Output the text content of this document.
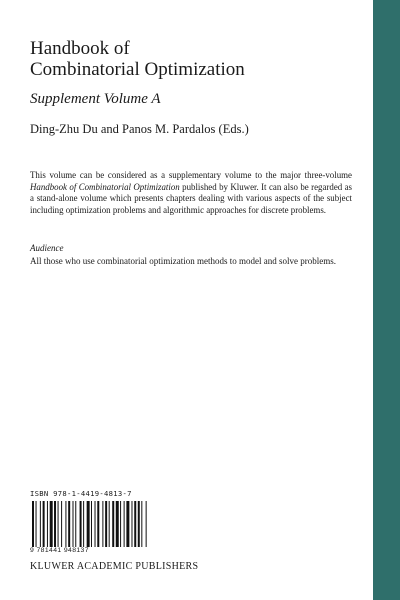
Handbook of
Combinatorial Optimization
Supplement Volume A
Ding-Zhu Du and Panos M. Pardalos (Eds.)
This volume can be considered as a supplementary volume to the major three-volume Handbook of Combinatorial Optimization published by Kluwer. It can also be regarded as a stand-alone volume which presents chapters dealing with various aspects of the subject including optimization problems and algorithmic approaches for discrete problems.
Audience
All those who use combinatorial optimization methods to model and solve problems.
ISBN 978-1-4419-4813-7
9 781441 948137
KLUWER ACADEMIC PUBLISHERS
